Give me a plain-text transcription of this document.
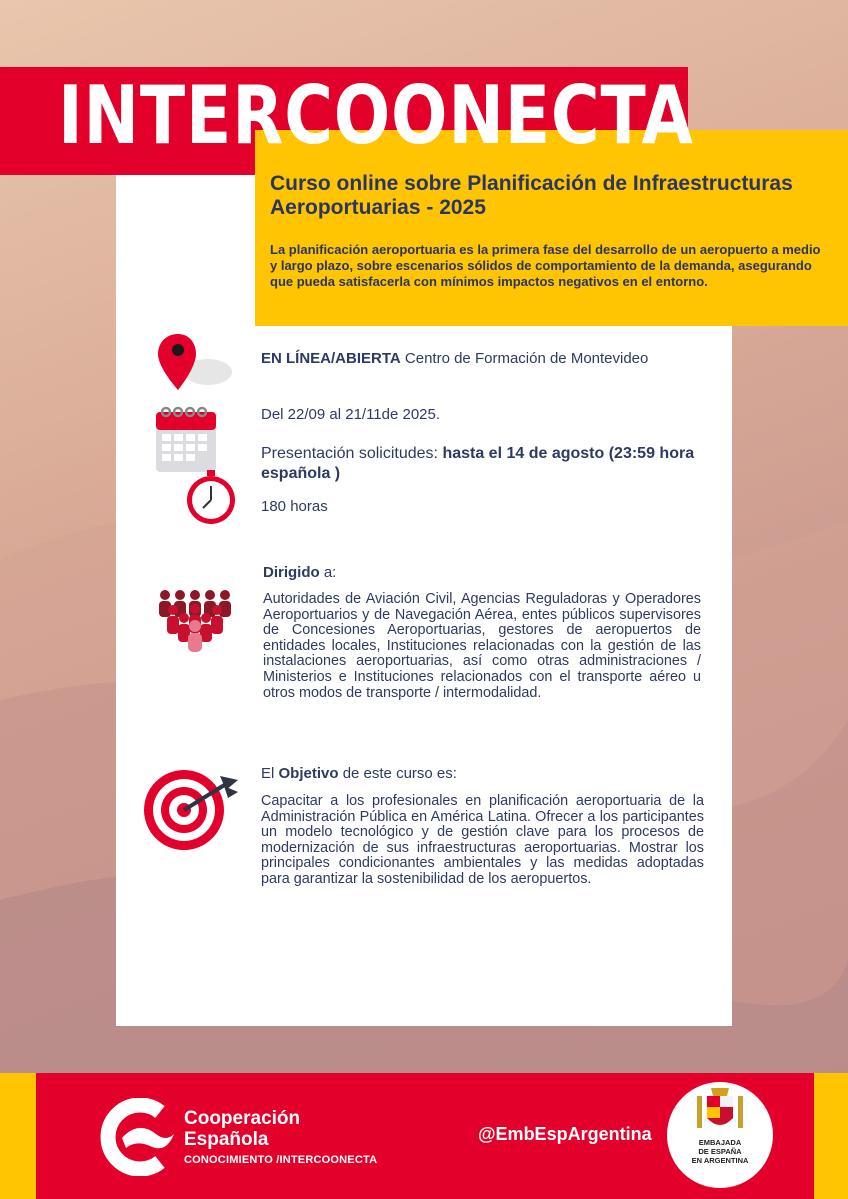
INTERCOONECTA
Curso online sobre Planificación de Infraestructuras Aeroportuarias - 2025
La planificación aeroportuaria es la primera fase del desarrollo de un aeropuerto a medio y largo plazo, sobre escenarios sólidos de comportamiento de la demanda, asegurando que pueda satisfacerla con mínimos impactos negativos en el entorno.
EN LÍNEA/ABIERTA Centro de Formación de Montevideo
Del 22/09 al 21/11de 2025.
Presentación solicitudes: hasta el 14 de agosto (23:59 hora española )
180 horas
Dirigido a:
Autoridades de Aviación Civil, Agencias Reguladoras y Operadores Aeroportuarios y de Navegación Aérea, entes públicos supervisores de Concesiones Aeroportuarias, gestores de aeropuertos de entidades locales, Instituciones relacionadas con la gestión de las instalaciones aeroportuarias, así como otras administraciones / Ministerios e Instituciones relacionados con el transporte aéreo u otros modos de transporte / intermodalidad.
El Objetivo de este curso es:
Capacitar a los profesionales en planificación aeroportuaria de la Administración Pública en América Latina. Ofrecer a los participantes un modelo tecnológico y de gestión clave para los procesos de modernización de sus infraestructuras aeroportuarias. Mostrar los principales condicionantes ambientales y las medidas adoptadas para garantizar la sostenibilidad de los aeropuertos.
Cooperación
Española
CONOCIMIENTO /INTERCOONECTA
@EmbEspArgentina	EMBAJADA
DE ESPAÑA
EN ARGENTINA
